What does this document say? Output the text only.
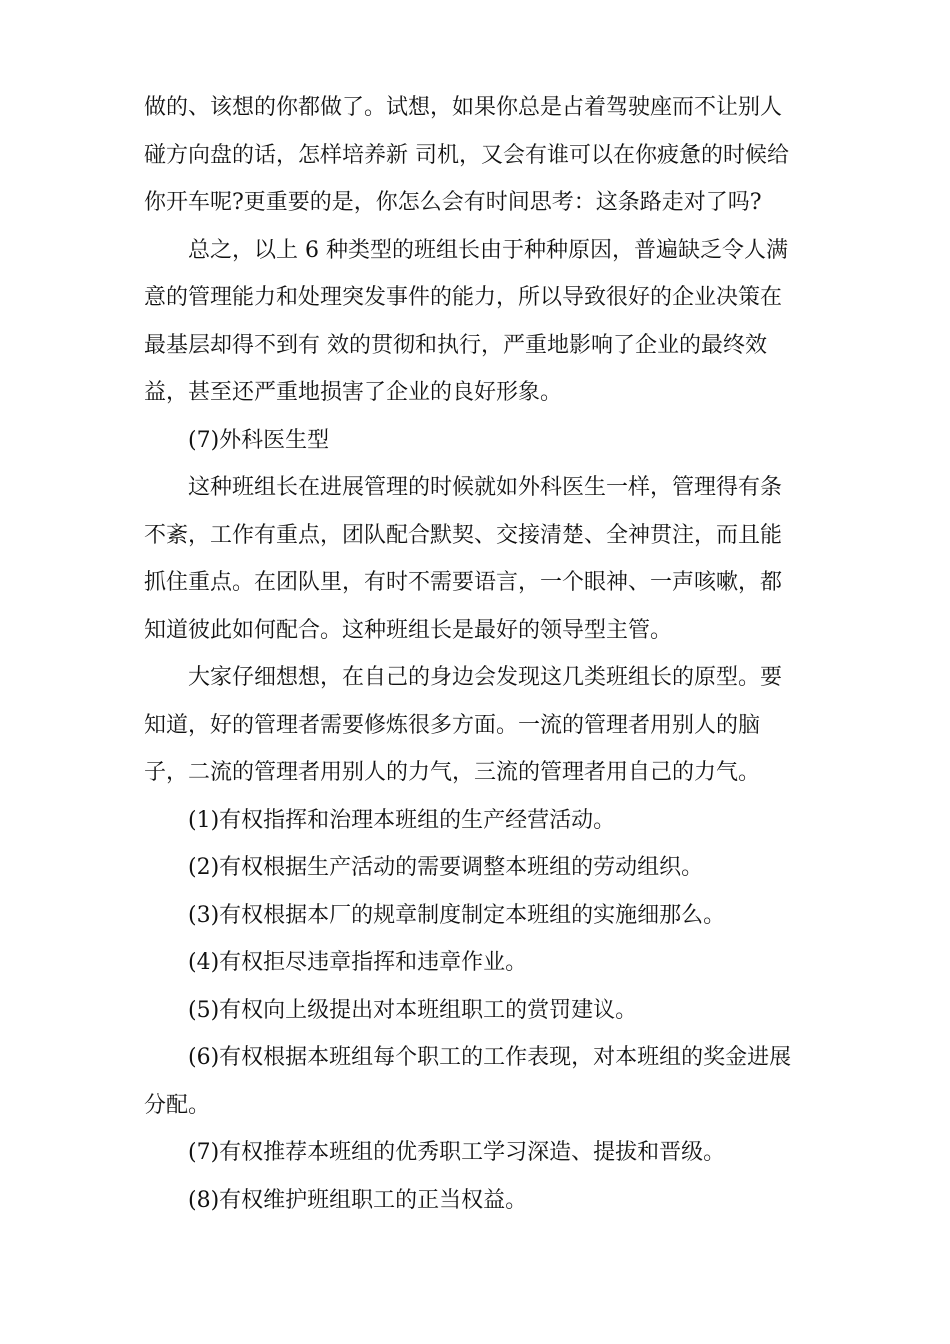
做的、该想的你都做了。试想，如果你总是占着驾驶座而不让别人
碰方向盘的话，怎样培养新 司机，又会有谁可以在你疲惫的时候给
你开车呢?更重要的是，你怎么会有时间思考：这条路走对了吗?
总之，以上 6 种类型的班组长由于种种原因，普遍缺乏令人满
意的管理能力和处理突发事件的能力，所以导致很好的企业决策在
最基层却得不到有 效的贯彻和执行，严重地影响了企业的最终效
益，甚至还严重地损害了企业的良好形象。
(7)外科医生型
这种班组长在进展管理的时候就如外科医生一样，管理得有条
不紊，工作有重点，团队配合默契、交接清楚、全神贯注，而且能
抓住重点。在团队里，有时不需要语言，一个眼神、一声咳嗽，都
知道彼此如何配合。这种班组长是最好的领导型主管。
大家仔细想想，在自己的身边会发现这几类班组长的原型。要
知道，好的管理者需要修炼很多方面。一流的管理者用别人的脑
子，二流的管理者用别人的力气，三流的管理者用自己的力气。
(1)有权指挥和治理本班组的生产经营活动。
(2)有权根据生产活动的需要调整本班组的劳动组织。
(3)有权根据本厂的规章制度制定本班组的实施细那么。
(4)有权拒尽违章指挥和违章作业。
(5)有权向上级提出对本班组职工的赏罚建议。
(6)有权根据本班组每个职工的工作表现，对本班组的奖金进展
分配。
(7)有权推荐本班组的优秀职工学习深造、提拔和晋级。
(8)有权维护班组职工的正当权益。
